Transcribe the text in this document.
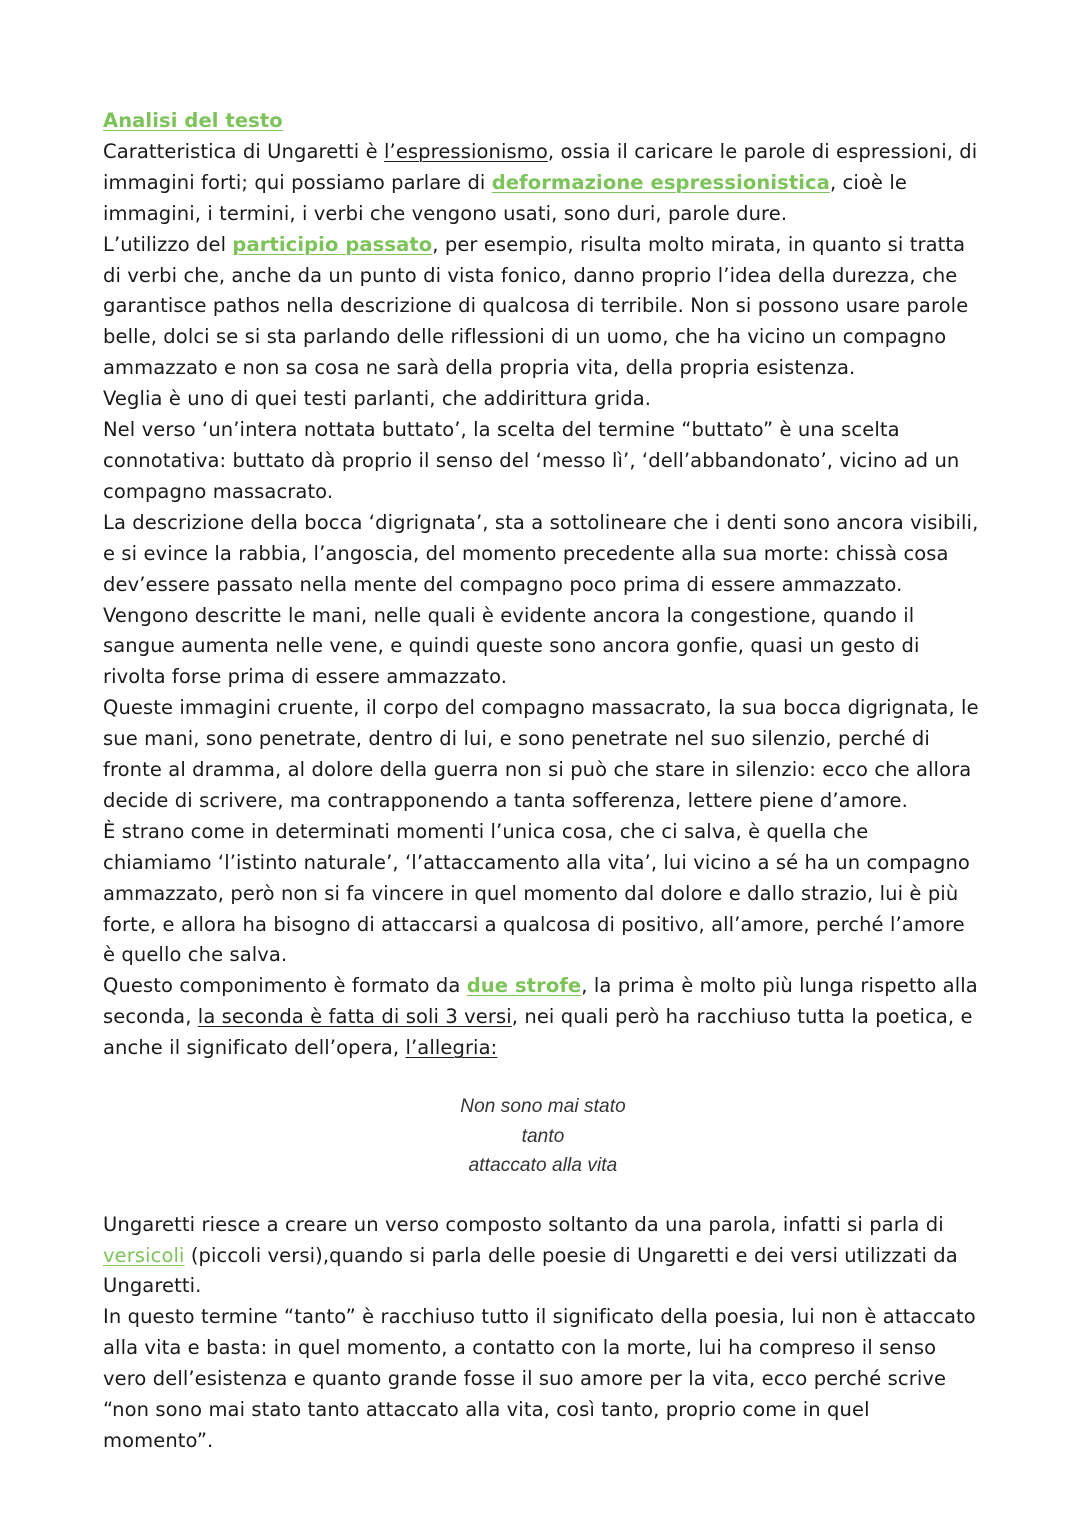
Analisi del testo

Caratteristica di Ungaretti è l’espressionismo, ossia il caricare le parole di espressioni, di immagini forti; qui possiamo parlare di deformazione espressionistica, cioè le immagini, i termini, i verbi che vengono usati, sono duri, parole dure.

L’utilizzo del participio passato, per esempio, risulta molto mirata, in quanto si tratta di verbi che, anche da un punto di vista fonico, danno proprio l’idea della durezza, che garantisce pathos nella descrizione di qualcosa di terribile. Non si possono usare parole belle, dolci se si sta parlando delle riflessioni di un uomo, che ha vicino un compagno ammazzato e non sa cosa ne sarà della propria vita, della propria esistenza.

Veglia è uno di quei testi parlanti, che addirittura grida.

Nel verso ‘un’intera nottata buttato’, la scelta del termine “buttato” è una scelta connotativa: buttato dà proprio il senso del ‘messo lì’, ‘dell’abbandonato’, vicino ad un compagno massacrato.

La descrizione della bocca ‘digrignata’, sta a sottolineare che i denti sono ancora visibili, e si evince la rabbia, l’angoscia, del momento precedente alla sua morte: chissà cosa dev’essere passato nella mente del compagno poco prima di essere ammazzato. Vengono descritte le mani, nelle quali è evidente ancora la congestione, quando il sangue aumenta nelle vene, e quindi queste sono ancora gonfie, quasi un gesto di rivolta forse prima di essere ammazzato.

Queste immagini cruente, il corpo del compagno massacrato, la sua bocca digrignata, le sue mani, sono penetrate, dentro di lui, e sono penetrate nel suo silenzio, perché di fronte al dramma, al dolore della guerra non si può che stare in silenzio: ecco che allora decide di scrivere, ma contrapponendo a tanta sofferenza, lettere piene d’amore.

È strano come in determinati momenti l’unica cosa, che ci salva, è quella che chiamiamo ‘l’istinto naturale’, ‘l’attaccamento alla vita’, lui vicino a sé ha un compagno ammazzato, però non si fa vincere in quel momento dal dolore e dallo strazio, lui è più forte, e allora ha bisogno di attaccarsi a qualcosa di positivo, all’amore, perché l’amore è quello che salva.

Questo componimento è formato da due strofe, la prima è molto più lunga rispetto alla seconda, la seconda è fatta di soli 3 versi, nei quali però ha racchiuso tutta la poetica, e anche il significato dell’opera, l’allegria:

Non sono mai stato
tanto
attaccato alla vita

Ungaretti riesce a creare un verso composto soltanto da una parola, infatti si parla di versicoli (piccoli versi),quando si parla delle poesie di Ungaretti e dei versi utilizzati da Ungaretti.

In questo termine “tanto” è racchiuso tutto il significato della poesia, lui non è attaccato alla vita e basta: in quel momento, a contatto con la morte, lui ha compreso il senso vero dell’esistenza e quanto grande fosse il suo amore per la vita, ecco perché scrive “non sono mai stato tanto attaccato alla vita, così tanto, proprio come in quel momento”.
